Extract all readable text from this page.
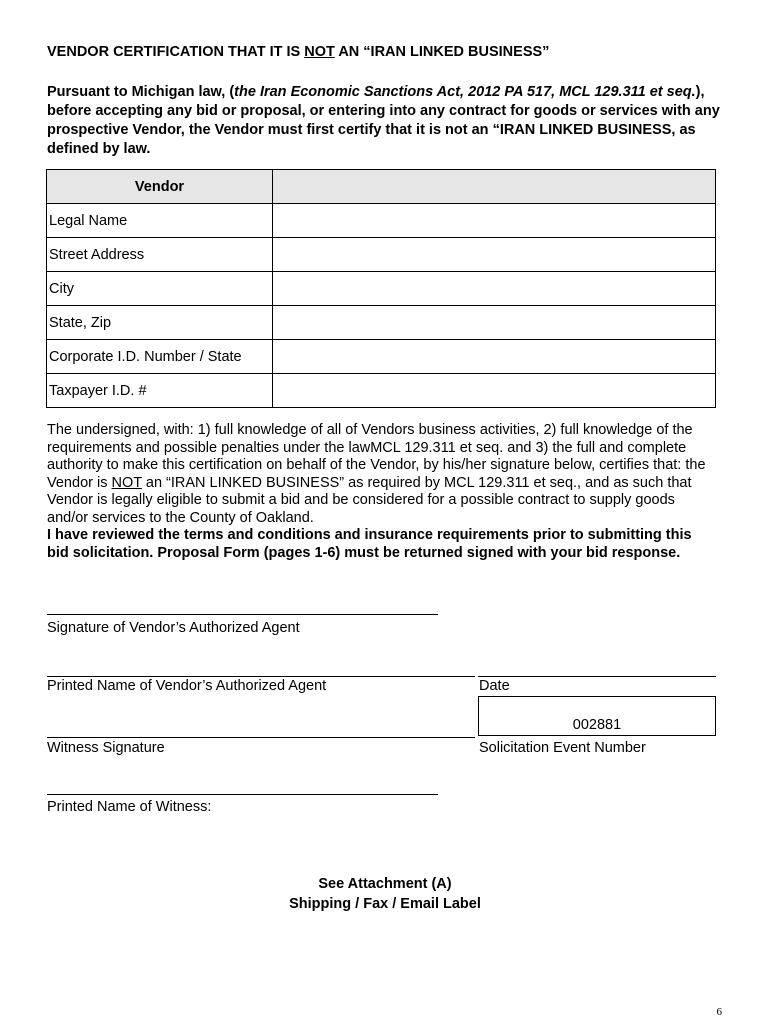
VENDOR CERTIFICATION THAT IT IS NOT AN “IRAN LINKED BUSINESS”
Pursuant to Michigan law, (the Iran Economic Sanctions Act, 2012 PA 517, MCL 129.311 et seq.), before accepting any bid or proposal, or entering into any contract for goods or services with any prospective Vendor, the Vendor must first certify that it is not an “IRAN LINKED BUSINESS, as defined by law.
Vendor	
Legal Name	
Street Address	
City	
State, Zip	
Corporate I.D. Number / State	
Taxpayer I.D. #	
The undersigned, with: 1) full knowledge of all of Vendors business activities, 2) full knowledge of the requirements and possible penalties under the lawMCL 129.311 et seq. and 3) the full and complete authority to make this certification on behalf of the Vendor, by his/her signature below, certifies that: the Vendor is NOT an “IRAN LINKED BUSINESS” as required by MCL 129.311 et seq., and as such that Vendor is legally eligible to submit a bid and be considered for a possible contract to supply goods and/or services to the County of Oakland.
I have reviewed the terms and conditions and insurance requirements prior to submitting this bid solicitation. Proposal Form (pages 1-6) must be returned signed with your bid response.
Signature of Vendor’s Authorized Agent
Printed Name of Vendor’s Authorized Agent	Date
Witness Signature
002881
Solicitation Event Number
Printed Name of Witness:
See Attachment (A)
Shipping / Fax / Email Label
6
